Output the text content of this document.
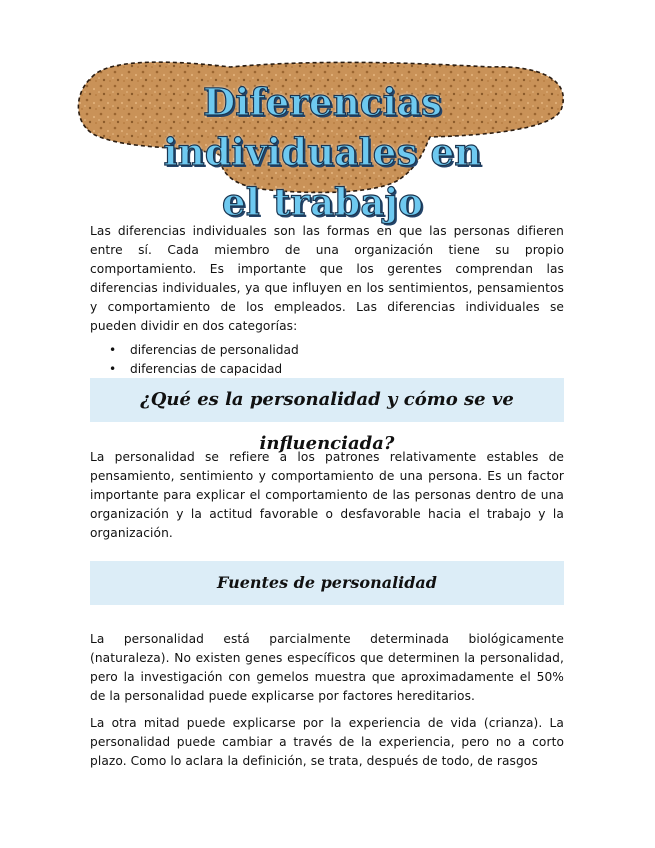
Diferencias individuales en
el trabajo

Las diferencias individuales son las formas en que las personas difieren entre sí. Cada miembro de una organización tiene su propio comportamiento. Es importante que los gerentes comprendan las diferencias individuales, ya que influyen en los sentimientos, pensamientos y comportamiento de los empleados. Las diferencias individuales se pueden dividir en dos categorías:

• diferencias de personalidad
• diferencias de capacidad
¿Qué es la personalidad y cómo se ve influenciada?

La personalidad se refiere a los patrones relativamente estables de pensamiento, sentimiento y comportamiento de una persona. Es un factor importante para explicar el comportamiento de las personas dentro de una organización y la actitud favorable o desfavorable hacia el trabajo y la organización.

Fuentes de personalidad

La personalidad está parcialmente determinada biológicamente (naturaleza). No existen genes específicos que determinen la personalidad, pero la investigación con gemelos muestra que aproximadamente el 50% de la personalidad puede explicarse por factores hereditarios.

La otra mitad puede explicarse por la experiencia de vida (crianza). La personalidad puede cambiar a través de la experiencia, pero no a corto plazo. Como lo aclara la definición, se trata, después de todo, de rasgos
